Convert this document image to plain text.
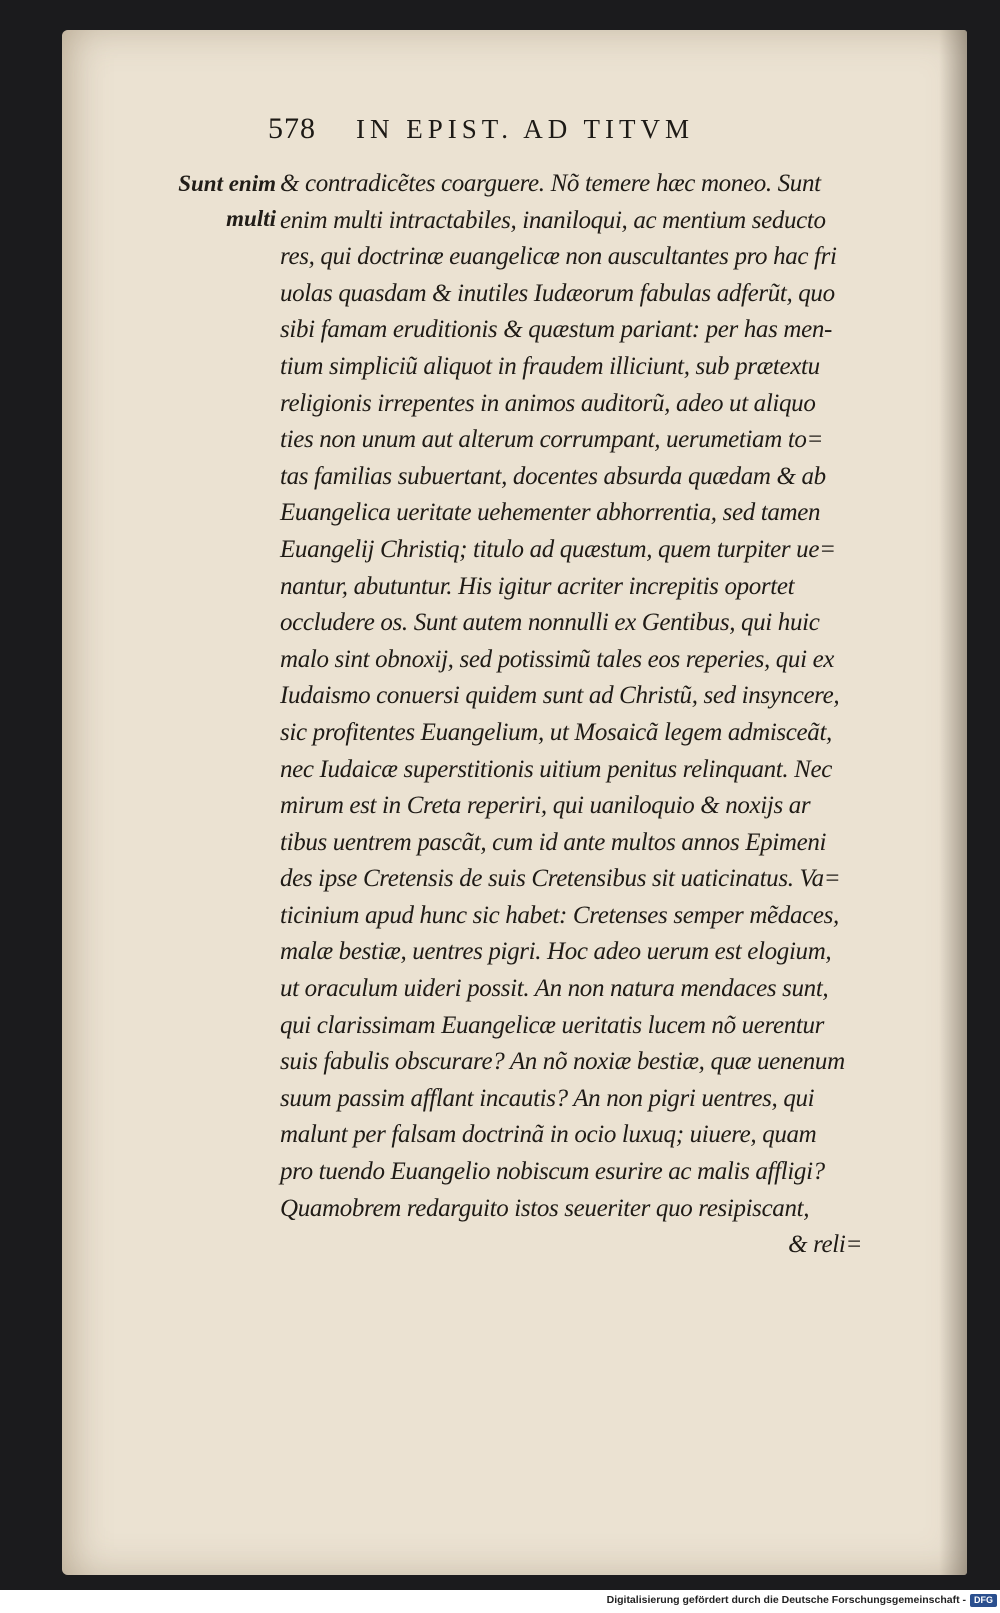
578 IN EPIST. AD TITVM
Sunt enim
multi
& contradicẽtes coarguere. Nõ temere hæc moneo. Sunt
enim multi intractabiles, inaniloqui, ac mentium seducto
res, qui doctrinæ euangelicæ non auscultantes pro hac fri
uolas quasdam & inutiles Iudæorum fabulas adferũt, quo
sibi famam eruditionis & quæstum pariant: per has men-
tium simpliciũ aliquot in fraudem illiciunt, sub prætextu
religionis irrepentes in animos auditorũ, adeo ut aliquo
ties non unum aut alterum corrumpant, uerumetiam to=
tas familias subuertant, docentes absurda quædam & ab
Euangelica ueritate uehementer abhorrentia, sed tamen
Euangelij Christiq; titulo ad quæstum, quem turpiter ue=
nantur, abutuntur. His igitur acriter increpitis oportet
occludere os. Sunt autem nonnulli ex Gentibus, qui huic
malo sint obnoxij, sed potissimũ tales eos reperies, qui ex
Iudaismo conuersi quidem sunt ad Christũ, sed insyncere,
sic profitentes Euangelium, ut Mosaicã legem admisceãt,
nec Iudaicæ superstitionis uitium penitus relinquant. Nec
mirum est in Creta reperiri, qui uaniloquio & noxijs ar
tibus uentrem pascãt, cum id ante multos annos Epimeni
des ipse Cretensis de suis Cretensibus sit uaticinatus. Va=
ticinium apud hunc sic habet: Cretenses semper mẽdaces,
malæ bestiæ, uentres pigri. Hoc adeo uerum est elogium,
ut oraculum uideri possit. An non natura mendaces sunt,
qui clarissimam Euangelicæ ueritatis lucem nõ uerentur
suis fabulis obscurare? An nõ noxiæ bestiæ, quæ uenenum
suum passim afflant incautis? An non pigri uentres, qui
malunt per falsam doctrinã in ocio luxuq; uiuere, quam
pro tuendo Euangelio nobiscum esurire ac malis affligi?
Quamobrem redarguito istos seueriter quo resipiscant,
& reli=
Digitalisierung gefördert durch die Deutsche Forschungsgemeinschaft - DFG
